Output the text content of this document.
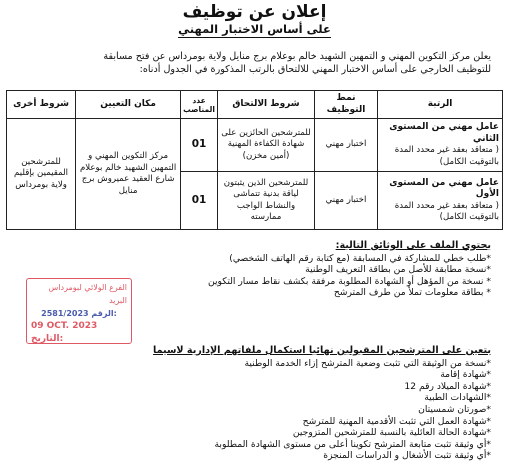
إعلان عن توظيف
على أساس الاختبار المهني
يعلن مركز التكوين المهني و التمهين الشهيد خالم بوعلام برج منايل ولاية بومرداس عن فتح مسابقة
للتوظيف الخارجي على أساس الاختبار المهني للالتحاق بالرتب المذكورة في الجدول أدناه:
الرتبة	نمط التوظيف	شروط الالتحاق	عدد المناصب	مكان التعيين	شروط أخرى

عامل مهني من المستوى الثاني
( متعاقد بعقد غير محدد المدة بالتوقيت الكامل)	اختبار مهني	للمترشحين الحائزين على شهادة الكفاءة المهنية (أمين مخزن)	01	مركز التكوين المهني و التمهين الشهيد خالم بوعلام شارع العقيد عميروش برج منايل	للمترشحين المقيمين بإقليم ولاية بومرداس

عامل مهني من المستوى الأول
( متعاقد بعقد غير محدد المدة بالتوقيت الكامل)	اختبار مهني	للمترشحين الذين يثبتون لياقة بدنية تتماشى والنشاط الواجب ممارسته	01		
يحتوي الملف على الوثائق التالية:
*طلب خطي للمشاركة في المسابقة (مع كتابة رقم الهاتف الشخصي)
*نسخة مطابقة للأصل من بطاقة التعريف الوطنية
* نسخة من المؤهل أو الشهادة المطلوبة مرفقة بكشف نقاط مسار التكوين
* بطاقة معلومات تملأ من طرف المترشح
بتعين على المترشحين المقبولين نهائيا استكمال ملفاتهم الإدارية لاسيما
*نسخة من الوثيقة التي تثبت وضعية المترشح إزاء الخدمة الوطنية
*شهادة إقامة
*شهادة الميلاد رقم 12
*الشهادات الطبية
*صورتان شمسيتان
*شهادة العمل التي تثبت الأقدمية المهنية للمترشح
*شهادة الحالة العائلية بالنسبة للمترشحين المتزوجين
*أي وثيقة تثبت متابعة المترشح تكوينا أعلى من مستوى الشهادة المطلوبة
*أي وثيقة تثبت الأشغال و الدراسات المنجزة
الفرع الولائي لبومرداس
البريد
2581/2023 الرقم:
09 OCT. 2023 التاريخ:
